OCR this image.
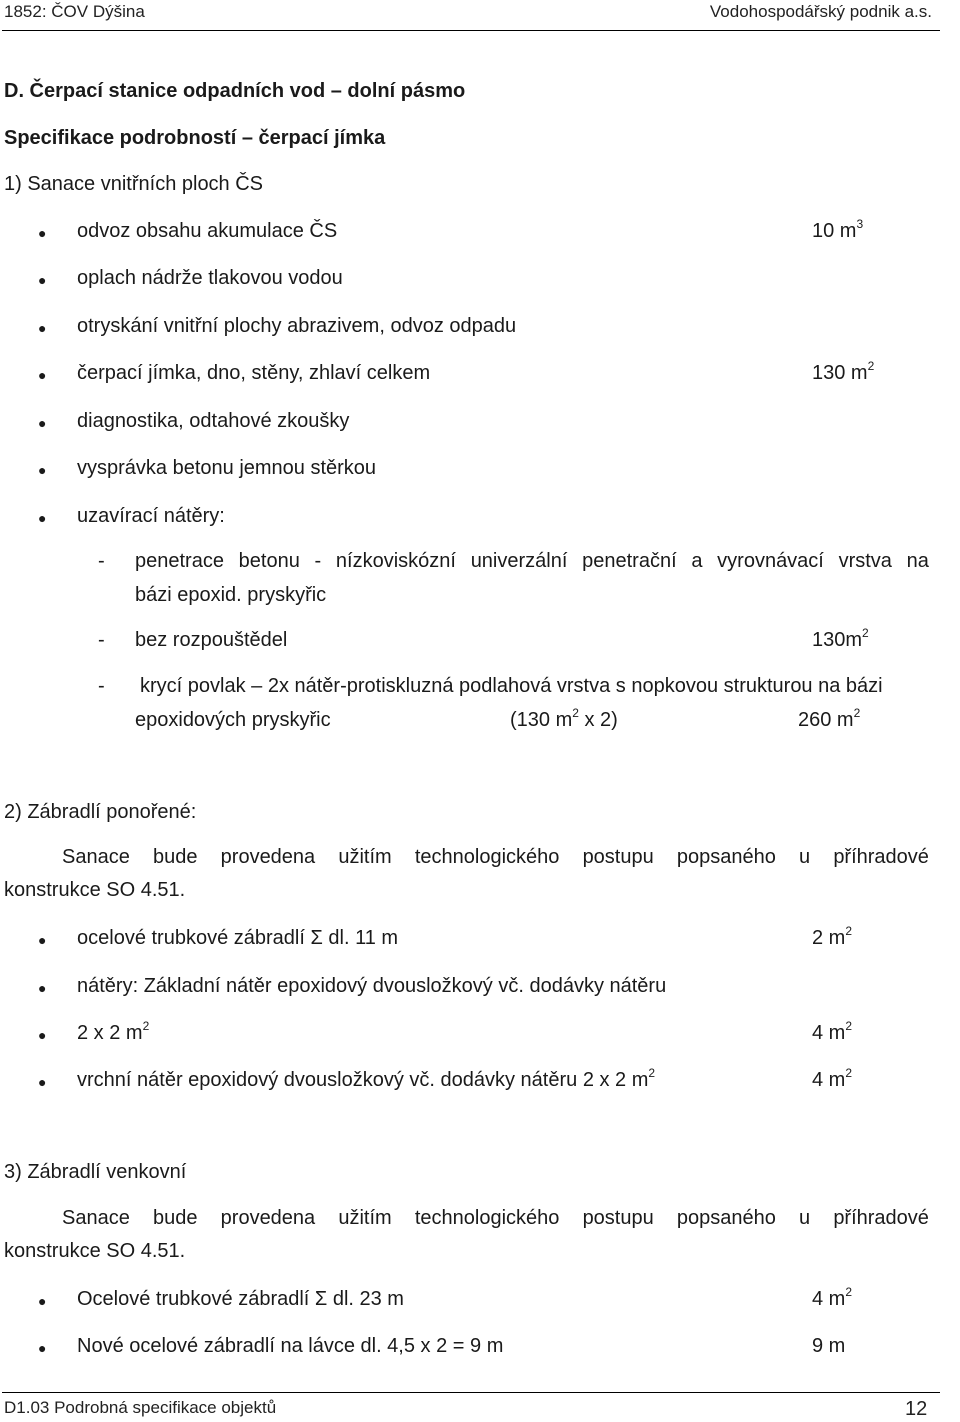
1852: ČOV Dýšina	Vodohospodářský podnik a.s.
D. Čerpací stanice odpadních vod – dolní pásmo
Specifikace podrobností – čerpací jímka
1) Sanace vnitřních ploch ČS
● odvoz obsahu akumulace ČS	10 $m^3$
● oplach nádrže tlakovou vodou
● otryskání vnitřní plochy abrazivem, odvoz odpadu
● čerpací jímka, dno, stěny, zhlaví celkem	130 $m^2$
● diagnostika, odtahové zkoušky
● vysprávka betonu jemnou stěrkou
● uzavírací nátěry:
- penetrace betonu - nízkoviskózní univerzální penetrační a vyrovnávací vrstva na
bázi epoxid. pryskyřic
- bez rozpouštědel	$130m^2$
- krycí povlak – 2x nátěr-protiskluzná podlahová vrstva s nopkovou strukturou na bázi
epoxidových pryskyřic	(130 $m^2$ x 2)	260 $m^2$
2) Zábradlí ponořené:
Sanace bude provedena užitím technologického postupu popsaného u příhradové
konstrukce SO 4.51.
● ocelové trubkové zábradlí Σ dl. 11 m	2 $m^2$
● nátěry: Základní nátěr epoxidový dvousložkový vč. dodávky nátěru
● 2 x 2 $m^2$	4 $m^2$
● vrchní nátěr epoxidový dvousložkový vč. dodávky nátěru 2 x 2 $m^2$	4 $m^2$
3) Zábradlí venkovní
Sanace bude provedena užitím technologického postupu popsaného u příhradové
konstrukce SO 4.51.
● Ocelové trubkové zábradlí Σ dl. 23 m	4 $m^2$
● Nové ocelové zábradlí na lávce dl. 4,5 x 2 = 9 m	9 m
D1.03 Podrobná specifikace objektů	12
